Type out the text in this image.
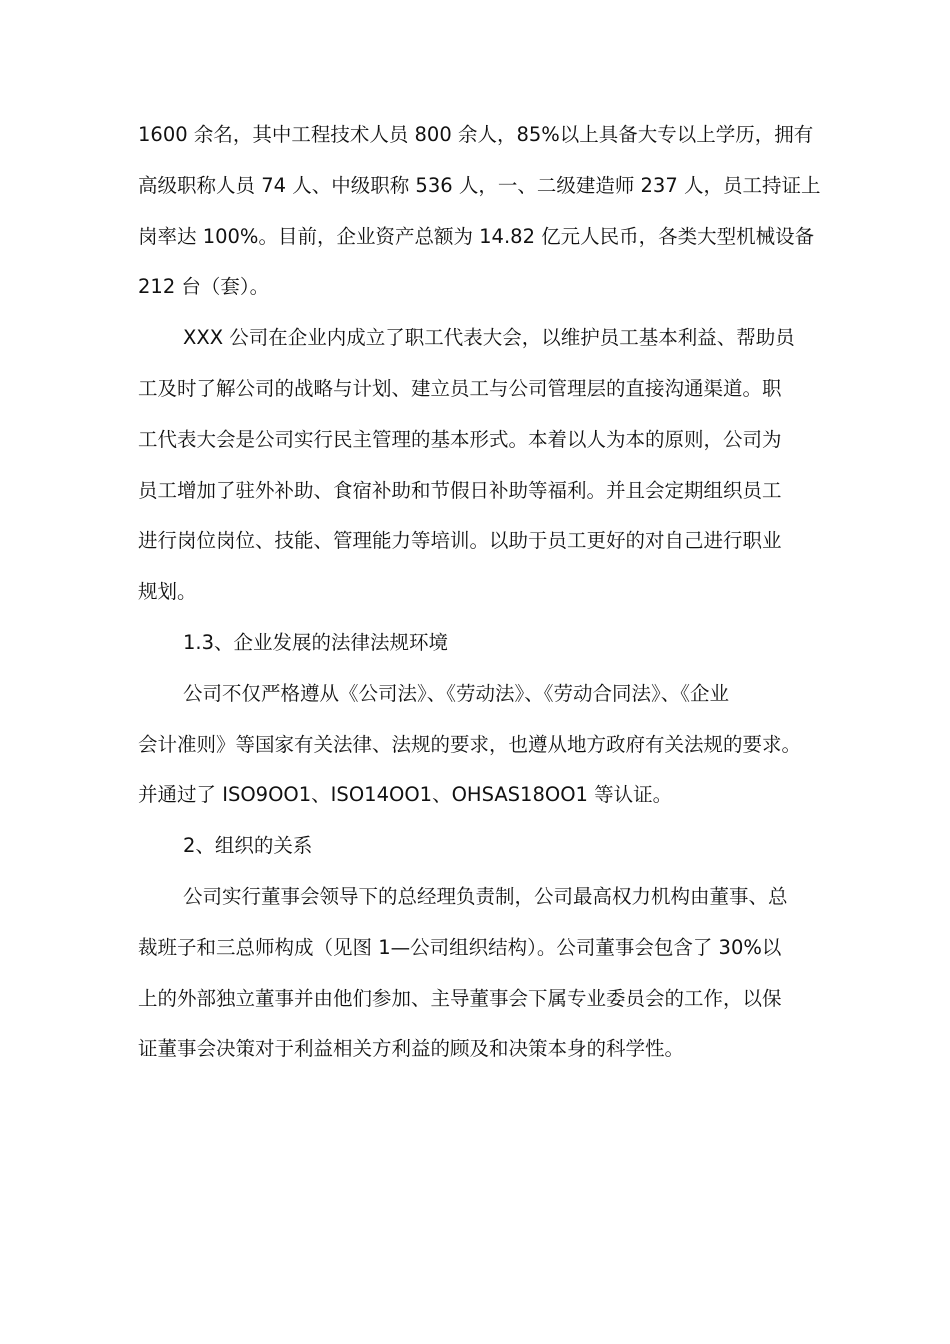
1600 余名，其中工程技术人员 800 余人，85%以上具备大专以上学历，拥有
高级职称人员 74 人、中级职称 536 人，一、二级建造师 237 人，员工持证上
岗率达 100%。目前，企业资产总额为 14.82 亿元人民币，各类大型机械设备
212 台（套）。
XXX 公司在企业内成立了职工代表大会，以维护员工基本利益、帮助员
工及时了解公司的战略与计划、建立员工与公司管理层的直接沟通渠道。职
工代表大会是公司实行民主管理的基本形式。本着以人为本的原则，公司为
员工增加了驻外补助、食宿补助和节假日补助等福利。并且会定期组织员工
进行岗位岗位、技能、管理能力等培训。以助于员工更好的对自己进行职业
规划。
1.3、企业发展的法律法规环境
公司不仅严格遵从《公司法》、《劳动法》、《劳动合同法》、《企业
会计准则》等国家有关法律、法规的要求，也遵从地方政府有关法规的要求。
并通过了 ISO9OO1、ISO14OO1、OHSAS18OO1 等认证。
2、组织的关系
公司实行董事会领导下的总经理负责制，公司最高权力机构由董事、总
裁班子和三总师构成（见图 1—公司组织结构）。公司董事会包含了 30%以
上的外部独立董事并由他们参加、主导董事会下属专业委员会的工作，以保
证董事会决策对于利益相关方利益的顾及和决策本身的科学性。
